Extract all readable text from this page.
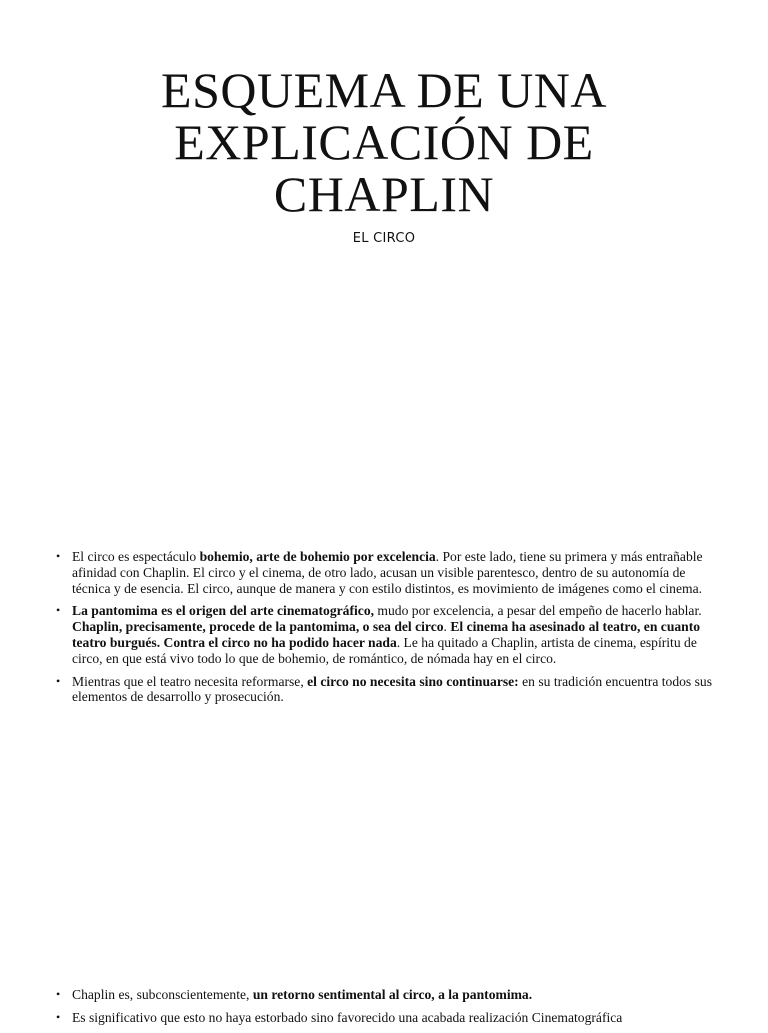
ESQUEMA DE UNA
EXPLICACIÓN DE
CHAPLIN
EL CIRCO
• El circo es espectáculo bohemio, arte de bohemio por excelencia. Por este lado, tiene su primera y más entrañable afinidad con Chaplin. El circo y el cinema, de otro lado, acusan un visible parentesco, dentro de su autonomía de técnica y de esencia. El circo, aunque de manera y con estilo distintos, es movimiento de imágenes como el cinema.
• La pantomima es el origen del arte cinematográfico, mudo por excelencia, a pesar del empeño de hacerlo hablar. Chaplin, precisamente, procede de la pantomima, o sea del circo. El cinema ha asesinado al teatro, en cuanto teatro burgués. Contra el circo no ha podido hacer nada. Le ha quitado a Chaplin, artista de cinema, espíritu de circo, en que está vivo todo lo que de bohemio, de romántico, de nómada hay en el circo.
• Mientras que el teatro necesita reformarse, el circo no necesita sino continuarse: en su tradición encuentra todos sus elementos de desarrollo y prosecución.
• Chaplin es, subconscientemente, un retorno sentimental al circo, a la pantomima.
• Es significativo que esto no haya estorbado sino favorecido una acabada realización Cinematográfica
